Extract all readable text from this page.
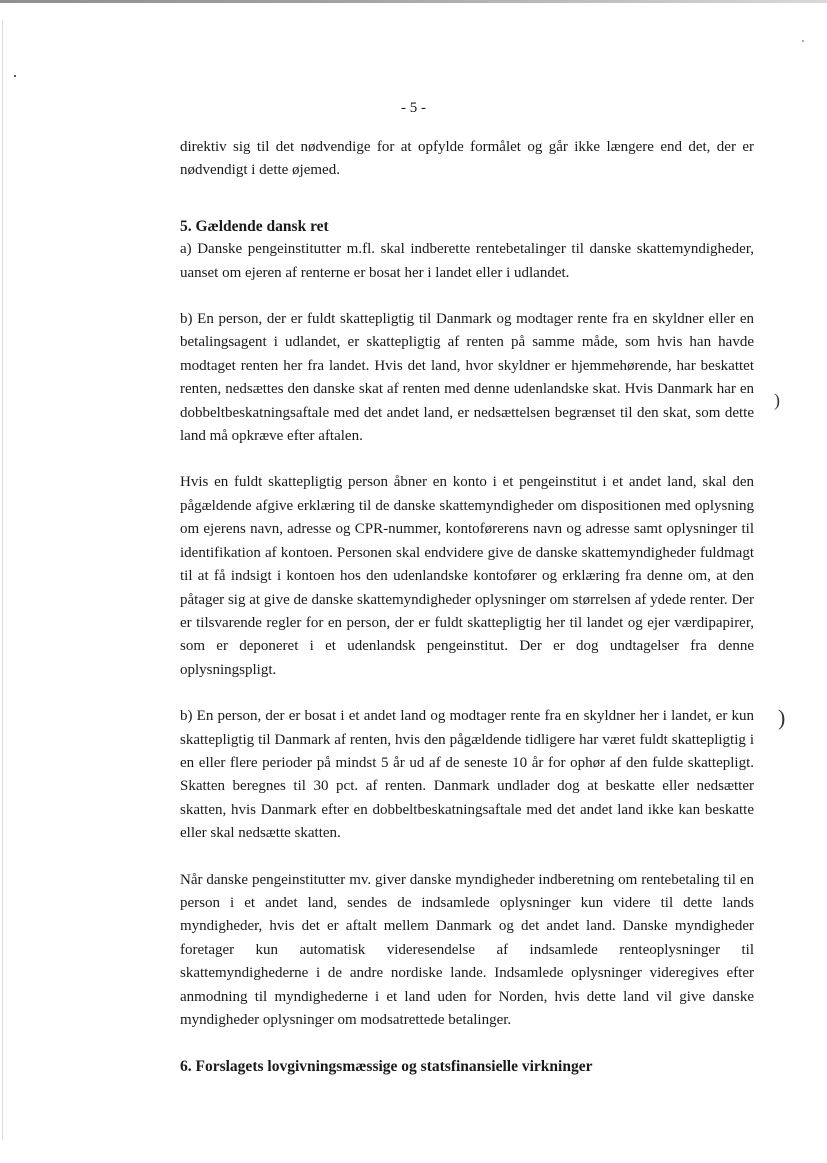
- 5 -

direktiv sig til det nødvendige for at opfylde formålet og går ikke længere end det, der er nødvendigt i dette øjemed.

5. Gældende dansk ret

a) Danske pengeinstitutter m.fl. skal indberette rentebetalinger til danske skattemyndigheder, uanset om ejeren af renterne er bosat her i landet eller i udlandet.

b) En person, der er fuldt skattepligtig til Danmark og modtager rente fra en skyldner eller en betalingsagent i udlandet, er skattepligtig af renten på samme måde, som hvis han havde modtaget renten her fra landet. Hvis det land, hvor skyldner er hjemmehørende, har beskattet renten, nedsættes den danske skat af renten med denne udenlandske skat. Hvis Danmark har en dobbeltbeskatningsaftale med det andet land, er nedsættelsen begrænset til den skat, som dette land må opkræve efter aftalen.

Hvis en fuldt skattepligtig person åbner en konto i et pengeinstitut i et andet land, skal den pågældende afgive erklæring til de danske skattemyndigheder om dispositionen med oplysning om ejerens navn, adresse og CPR-nummer, kontoførerens navn og adresse samt oplysninger til identifikation af kontoen. Personen skal endvidere give de danske skattemyndigheder fuldmagt til at få indsigt i kontoen hos den udenlandske kontofører og erklæring fra denne om, at den påtager sig at give de danske skattemyndigheder oplysninger om størrelsen af ydede renter. Der er tilsvarende regler for en person, der er fuldt skattepligtig her til landet og ejer værdipapirer, som er deponeret i et udenlandsk pengeinstitut. Der er dog undtagelser fra denne oplysningspligt.

b) En person, der er bosat i et andet land og modtager rente fra en skyldner her i landet, er kun skattepligtig til Danmark af renten, hvis den pågældende tidligere har været fuldt skattepligtig i en eller flere perioder på mindst 5 år ud af de seneste 10 år for ophør af den fulde skattepligt. Skatten beregnes til 30 pct. af renten. Danmark undlader dog at beskatte eller nedsætter skatten, hvis Danmark efter en dobbeltbeskatningsaftale med det andet land ikke kan beskatte eller skal nedsætte skatten.

Når danske pengeinstitutter mv. giver danske myndigheder indberetning om rentebetaling til en person i et andet land, sendes de indsamlede oplysninger kun videre til dette lands myndigheder, hvis det er aftalt mellem Danmark og det andet land. Danske myndigheder foretager kun automatisk videresendelse af indsamlede renteoplysninger til skattemyndighederne i de andre nordiske lande. Indsamlede oplysninger videregives efter anmodning til myndighederne i et land uden for Norden, hvis dette land vil give danske myndigheder oplysninger om modsatrettede betalinger.

6. Forslagets lovgivningsmæssige og statsfinansielle virkninger
)
)
